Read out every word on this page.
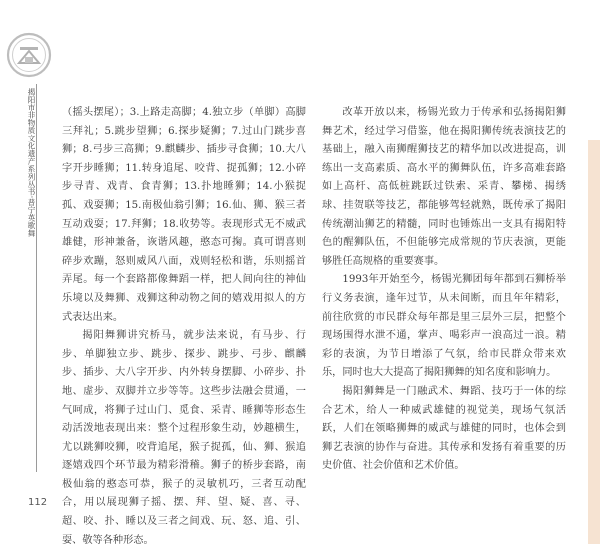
揭阳市非物质文化遗产系列丛书·普宁英歌舞
112

（摇头摆尾）；3.上路走高脚；4.独立步（单脚）高脚三拜礼；5.跳步望狮；6.探步疑狮；7.过山门跳步喜狮；8.弓步三高狮；9.麒麟步、插步寻食狮；10.大八字开步睡狮；11.转身追尾、咬背、捉孤狮；12.小碎步寻青、戏青、食青狮；13.扑地睡狮；14.小猴捉孤、戏耍狮；15.南极仙翁引狮；16.仙、狮、猴三者互动戏耍；17.拜狮；18.收势等。表现形式无不威武雄健，形神兼备，诙谐风趣，憨态可掬。真可谓喜则碎步欢蹦，怒则威风八面，戏则轻松和谐，乐则摇首弄尾。每一个套路都像舞蹈一样，把人间向往的神仙乐境以及舞狮、戏狮这种动物之间的嬉戏用拟人的方式表达出来。

揭阳舞狮讲究桥马，就步法来说，有马步、行步、单脚独立步、跳步、探步、跳步、弓步、麒麟步、插步、大八字开步、内外转身摆脚、小碎步、扑地、虚步、双脚并立步等等。这些步法融会贯通，一气呵成，将狮子过山门、觅食、采青、睡狮等形态生动活泼地表现出来：整个过程形象生动，妙趣横生，尤以跳狮咬狮，咬背追尾，猴子捉孤，仙、狮、猴追逐嬉戏四个环节最为精彩滑稽。狮子的桥步套路，南极仙翁的憨态可恭，猴子的灵敏机巧，三者互动配合，用以展现狮子摇、摆、拜、望、疑、喜、寻、超、咬、扑、睡以及三者之间戏、玩、怒、追、引、耍、敬等各种形态。

改革开放以来，杨锡光致力于传承和弘扬揭阳狮舞艺术，经过学习借鉴，他在揭阳狮传统表演技艺的基础上，融入南狮醒狮技艺的精华加以改进提高，训练出一支高素质、高水平的狮舞队伍，许多高难套路如上高杆、高低桩跳跃过铁索、采青、攀梯、揭绣球、挂贺联等技艺，都能够驾轻就熟，既传承了揭阳传统潮汕狮艺的精髓，同时也锤炼出一支具有揭阳特色的醒狮队伍，不但能够完成常规的节庆表演，更能够胜任高规格的重要赛事。

1993年开始至今，杨锡光狮团每年都到石狮桥举行义务表演，逢年过节，从未间断，而且年年精彩，前往欣赏的市民群众每年都是里三层外三层，把整个现场围得水泄不通，掌声、喝彩声一浪高过一浪。精彩的表演，为节日增添了气氛，给市民群众带来欢乐，同时也大大提高了揭阳狮舞的知名度和影响力。

揭阳狮舞是一门融武术、舞蹈、技巧于一体的综合艺术，给人一种威武雄健的视觉美，现场气氛活跃，人们在领略狮舞的威武与雄健的同时，也体会到狮艺表演的协作与奋进。其传承和发扬有着重要的历史价值、社会价值和艺术价值。
